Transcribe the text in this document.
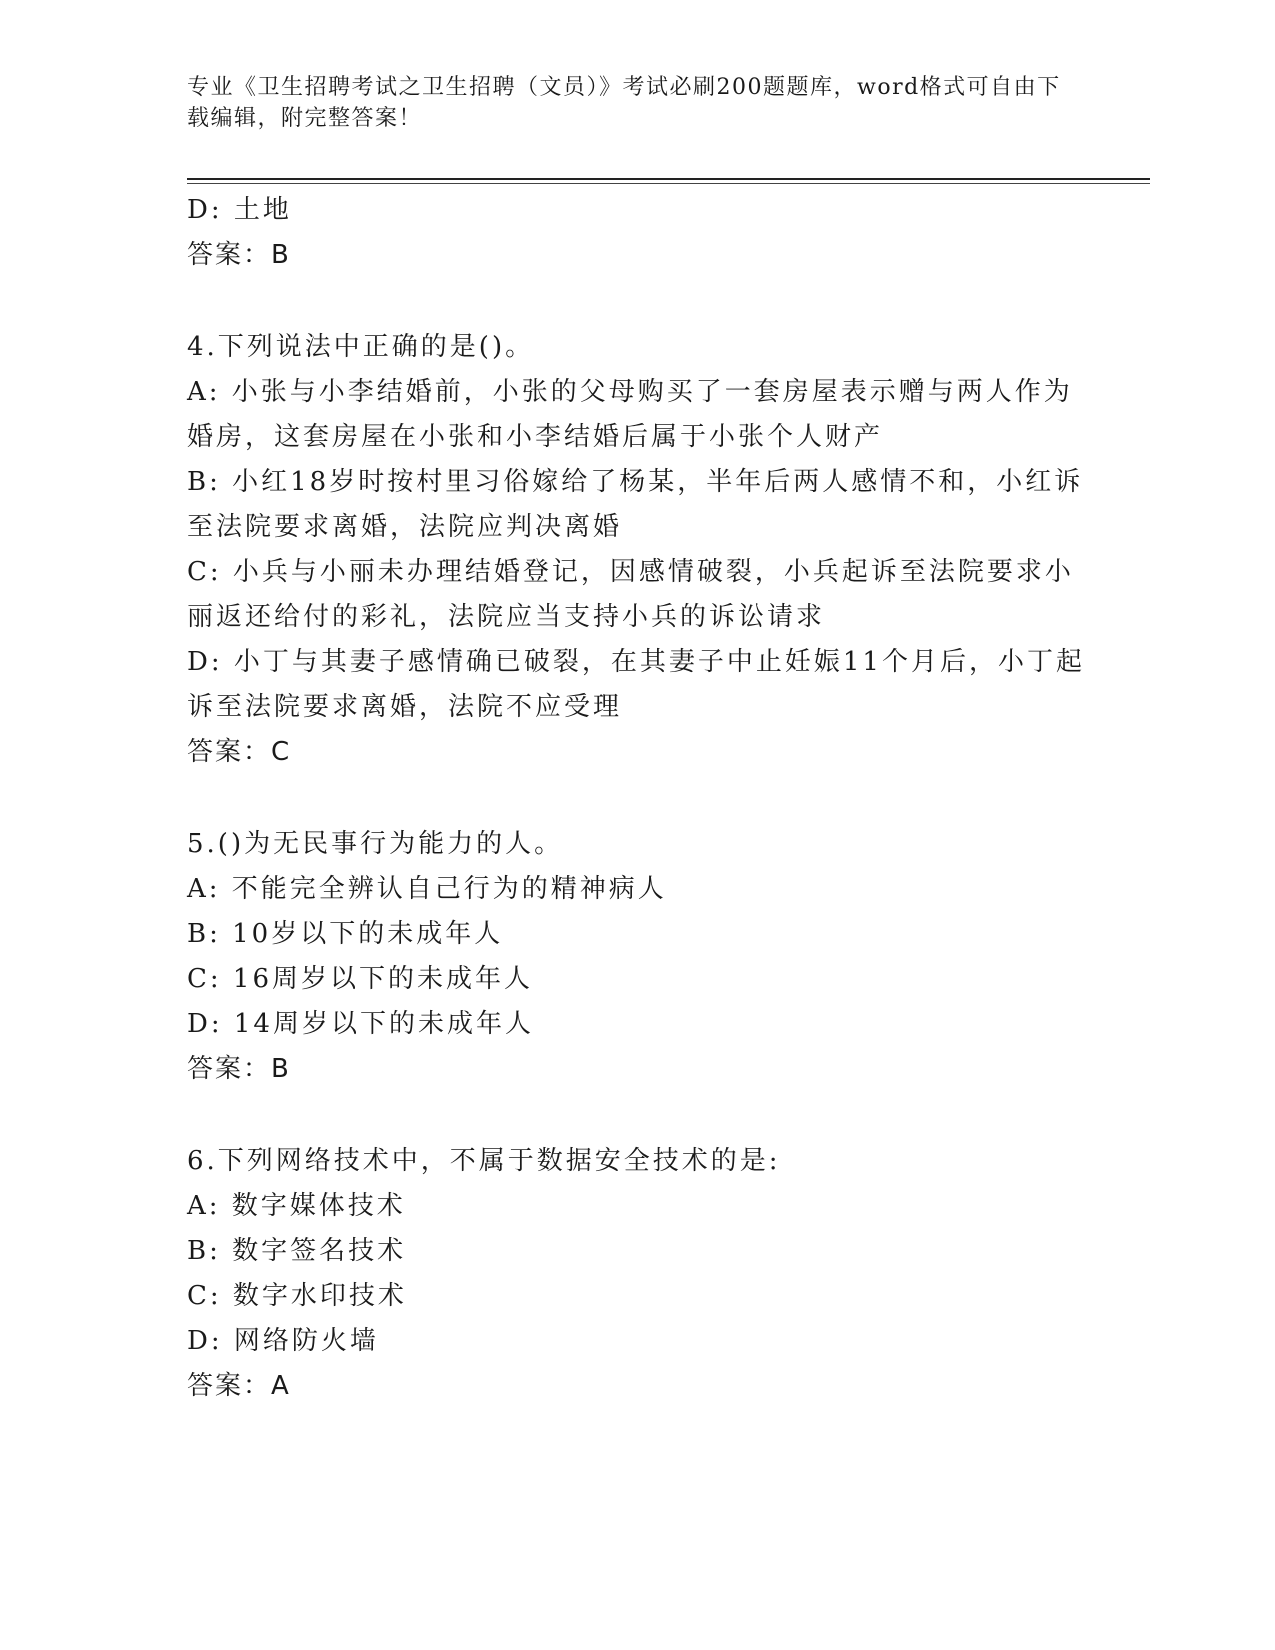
专业《卫生招聘考试之卫生招聘（文员）》考试必刷200题题库，word格式可自由下载编辑，附完整答案！

D: 土地

答案：B

4.下列说法中正确的是()。

A: 小张与小李结婚前，小张的父母购买了一套房屋表示赠与两人作为婚房，这套房屋在小张和小李结婚后属于小张个人财产

B: 小红18岁时按村里习俗嫁给了杨某，半年后两人感情不和，小红诉至法院要求离婚，法院应判决离婚

C: 小兵与小丽未办理结婚登记，因感情破裂，小兵起诉至法院要求小丽返还给付的彩礼，法院应当支持小兵的诉讼请求

D: 小丁与其妻子感情确已破裂，在其妻子中止妊娠11个月后，小丁起诉至法院要求离婚，法院不应受理

答案：C

5.()为无民事行为能力的人。

A: 不能完全辨认自己行为的精神病人

B: 10岁以下的未成年人

C: 16周岁以下的未成年人

D: 14周岁以下的未成年人

答案：B

6.下列网络技术中，不属于数据安全技术的是:

A: 数字媒体技术

B: 数字签名技术

C: 数字水印技术

D: 网络防火墙

答案：A
